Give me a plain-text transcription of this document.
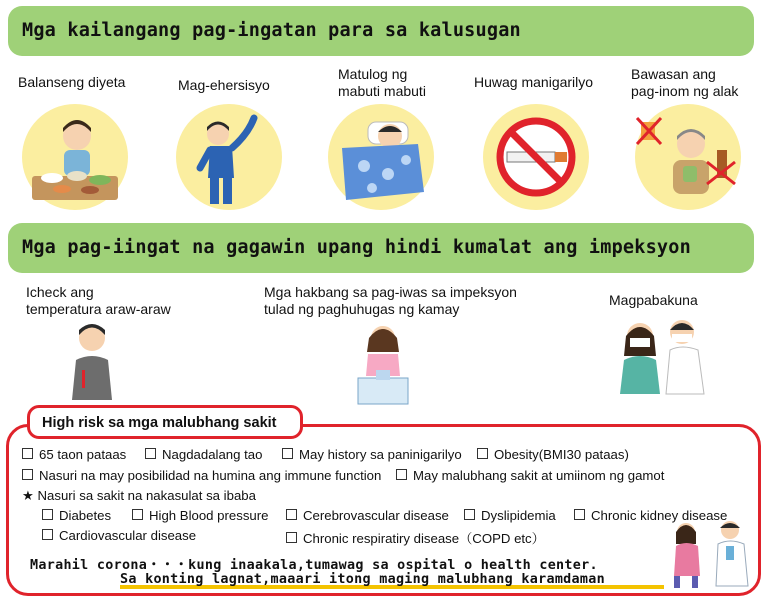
Mga kailangang pag-ingatan para sa kalusugan
Balanseng diyeta	Mag-ehersisyo
Matulog ng
mabuti mabuti
Huwag manigarilyo	Bawasan ang
pag-inom ng alak
Mga pag-iingat na gagawin upang hindi kumalat ang impeksyon
Icheck ang
temperatura araw-araw
Mga hakbang sa pag-iwas sa impeksyon
tulad ng paghuhugas ng kamay
Magpabakuna
High risk sa mga malubhang sakit
65 taon pataas	Nagdadalang tao	May history sa paninigarilyo	Obesity(BMI30 pataas)
Nasuri na may posibilidad na humina ang immune function	May malubhang sakit at umiinom ng gamot
★ Nasuri sa sakit na nakasulat sa ibaba
Diabetes	High Blood pressure	Cerebrovascular disease	Dyslipidemia	Chronic kidney disease
Cardiovascular disease	Chronic respiratiry disease（COPD etc）
Marahil corona・・・kung inaakala,tumawag sa ospital o health center.
Sa konting lagnat,maaari itong maging malubhang karamdaman
